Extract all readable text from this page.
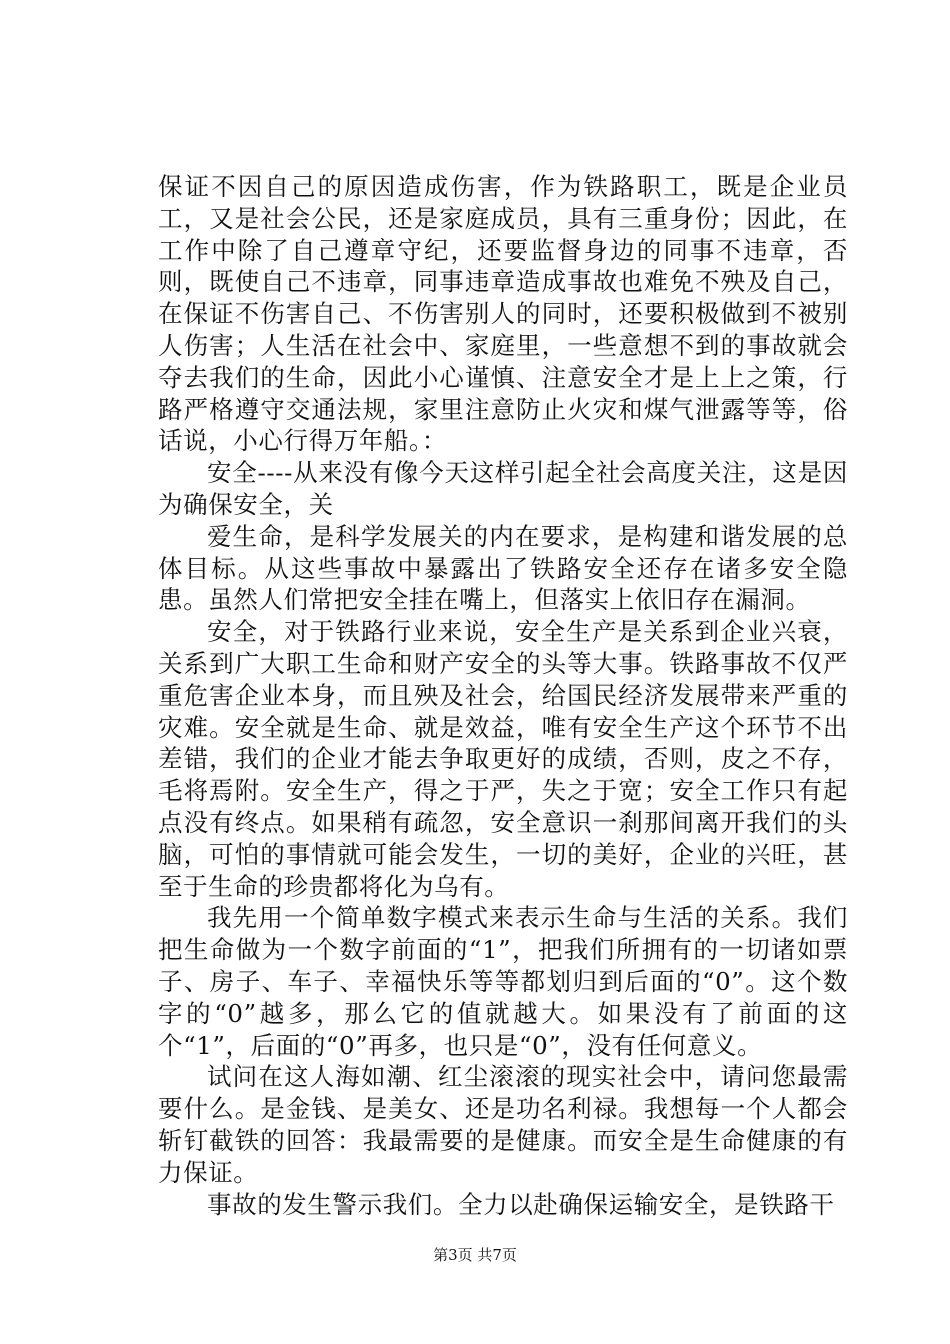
保证不因自己的原因造成伤害，作为铁路职工，既是企业员工，又是社会公民，还是家庭成员，具有三重身份；因此，在工作中除了自己遵章守纪，还要监督身边的同事不违章，否则，既使自己不违章，同事违章造成事故也难免不殃及自己，在保证不伤害自己、不伤害别人的同时，还要积极做到不被别人伤害；人生活在社会中、家庭里，一些意想不到的事故就会夺去我们的生命，因此小心谨慎、注意安全才是上上之策，行路严格遵守交通法规，家里注意防止火灾和煤气泄露等等，俗话说，小心行得万年船。：

安全----从来没有像今天这样引起全社会高度关注，这是因为确保安全，关

爱生命，是科学发展关的内在要求，是构建和谐发展的总体目标。从这些事故中暴露出了铁路安全还存在诸多安全隐患。虽然人们常把安全挂在嘴上，但落实上依旧存在漏洞。

安全，对于铁路行业来说，安全生产是关系到企业兴衰，关系到广大职工生命和财产安全的头等大事。铁路事故不仅严重危害企业本身，而且殃及社会，给国民经济发展带来严重的灾难。安全就是生命、就是效益，唯有安全生产这个环节不出差错，我们的企业才能去争取更好的成绩，否则，皮之不存，毛将焉附。安全生产，得之于严，失之于宽；安全工作只有起点没有终点。如果稍有疏忽，安全意识一刹那间离开我们的头脑，可怕的事情就可能会发生，一切的美好，企业的兴旺，甚至于生命的珍贵都将化为乌有。

我先用一个简单数字模式来表示生命与生活的关系。我们把生命做为一个数字前面的“1”，把我们所拥有的一切诸如票子、房子、车子、幸福快乐等等都划归到后面的“0”。这个数字的“0”越多，那么它的值就越大。如果没有了前面的这个“1”，后面的“0”再多，也只是“0”，没有任何意义。

试问在这人海如潮、红尘滚滚的现实社会中，请问您最需要什么。是金钱、是美女、还是功名利禄。我想每一个人都会斩钉截铁的回答：我最需要的是健康。而安全是生命健康的有力保证。

事故的发生警示我们。全力以赴确保运输安全，是铁路干

第3页 共7页
